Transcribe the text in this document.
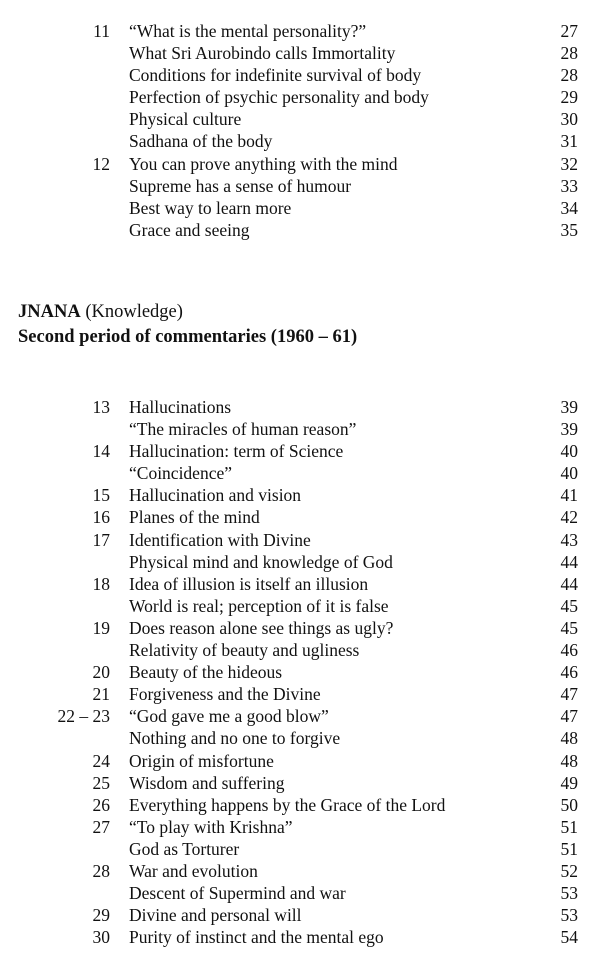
11 “What is the mental personality?”	27
What Sri Aurobindo calls Immortality	28
Conditions for indefinite survival of body	28
Perfection of psychic personality and body	29
Physical culture	30
Sadhana of the body	31
12 You can prove anything with the mind	32
Supreme has a sense of humour	33
Best way to learn more	34
Grace and seeing	35
JNANA (Knowledge)
Second period of commentaries (1960 – 61)
13 Hallucinations	39
“The miracles of human reason”	39
14 Hallucination: term of Science	40
“Coincidence”	40
15 Hallucination and vision	41
16 Planes of the mind	42
17 Identification with Divine	43
Physical mind and knowledge of God	44
18 Idea of illusion is itself an illusion	44
World is real; perception of it is false	45
19 Does reason alone see things as ugly?	45
Relativity of beauty and ugliness	46
20 Beauty of the hideous	46
21 Forgiveness and the Divine	47
22 – 23 “God gave me a good blow”	47
Nothing and no one to forgive	48
24 Origin of misfortune	48
25 Wisdom and suffering	49
26 Everything happens by the Grace of the Lord	50
27 “To play with Krishna”	51
God as Torturer	51
28 War and evolution	52
Descent of Supermind and war	53
29 Divine and personal will	53
30 Purity of instinct and the mental ego	54
